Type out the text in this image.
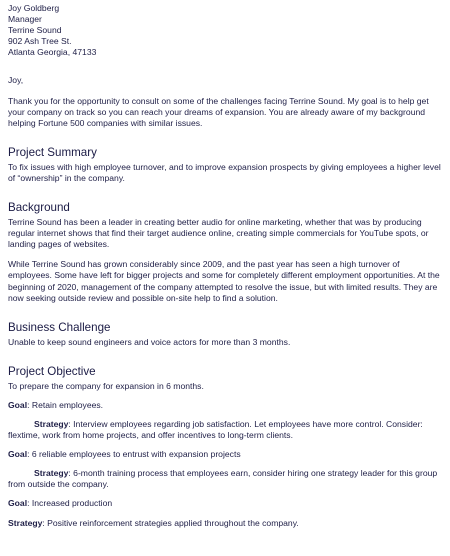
Joy Goldberg
Manager
Terrine Sound
902 Ash Tree St.
Atlanta Georgia, 47133
Joy,
Thank you for the opportunity to consult on some of the challenges facing Terrine Sound. My goal is to help get your company on track so you can reach your dreams of expansion. You are already aware of my background helping Fortune 500 companies with similar issues.
Project Summary
To fix issues with high employee turnover, and to improve expansion prospects by giving employees a higher level of “ownership” in the company.
Background
Terrine Sound has been a leader in creating better audio for online marketing, whether that was by producing regular internet shows that find their target audience online, creating simple commercials for YouTube spots, or landing pages of websites.
While Terrine Sound has grown considerably since 2009, and the past year has seen a high turnover of employees. Some have left for bigger projects and some for completely different employment opportunities. At the beginning of 2020, management of the company attempted to resolve the issue, but with limited results. They are now seeking outside review and possible on-site help to find a solution.
Business Challenge
Unable to keep sound engineers and voice actors for more than 3 months.
Project Objective
To prepare the company for expansion in 6 months.
Goal: Retain employees.
Strategy: Interview employees regarding job satisfaction. Let employees have more control. Consider: flextime, work from home projects, and offer incentives to long-term clients.
Goal: 6 reliable employees to entrust with expansion projects
Strategy: 6-month training process that employees earn, consider hiring one strategy leader for this group from outside the company.
Goal: Increased production
Strategy: Positive reinforcement strategies applied throughout the company.
